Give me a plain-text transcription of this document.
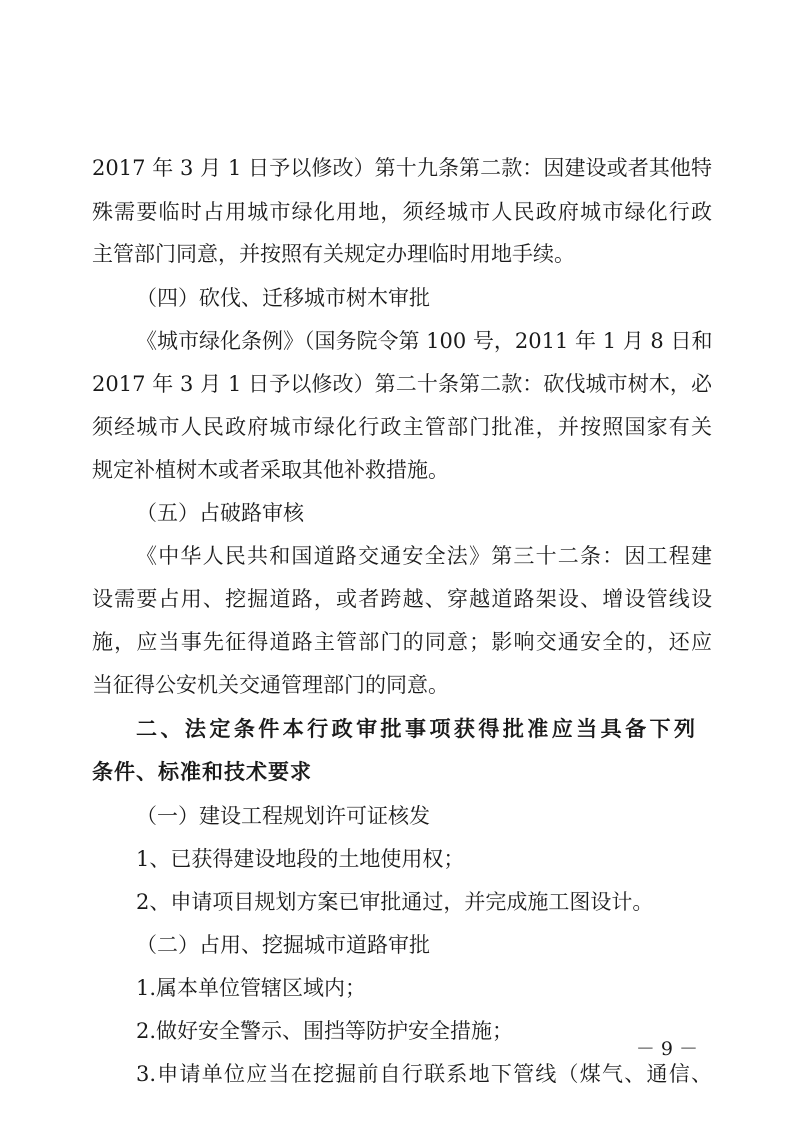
2017 年 3 月 1 日予以修改）第十九条第二款：因建设或者其他特
殊需要临时占用城市绿化用地，须经城市人民政府城市绿化行政
主管部门同意，并按照有关规定办理临时用地手续。
（四）砍伐、迁移城市树木审批
《城市绿化条例》（国务院令第 100 号，2011 年 1 月 8 日和
2017 年 3 月 1 日予以修改）第二十条第二款：砍伐城市树木，必
须经城市人民政府城市绿化行政主管部门批准，并按照国家有关
规定补植树木或者采取其他补救措施。
（五）占破路审核
《中华人民共和国道路交通安全法》第三十二条：因工程建
设需要占用、挖掘道路，或者跨越、穿越道路架设、增设管线设
施，应当事先征得道路主管部门的同意；影响交通安全的，还应
当征得公安机关交通管理部门的同意。
二、法定条件本行政审批事项获得批准应当具备下列
条件、标准和技术要求
（一）建设工程规划许可证核发
1、已获得建设地段的土地使用权；
2、申请项目规划方案已审批通过，并完成施工图设计。
（二）占用、挖掘城市道路审批
1.属本单位管辖区域内；
2.做好安全警示、围挡等防护安全措施；
3.申请单位应当在挖掘前自行联系地下管线（煤气、通信、
－ 9 －
